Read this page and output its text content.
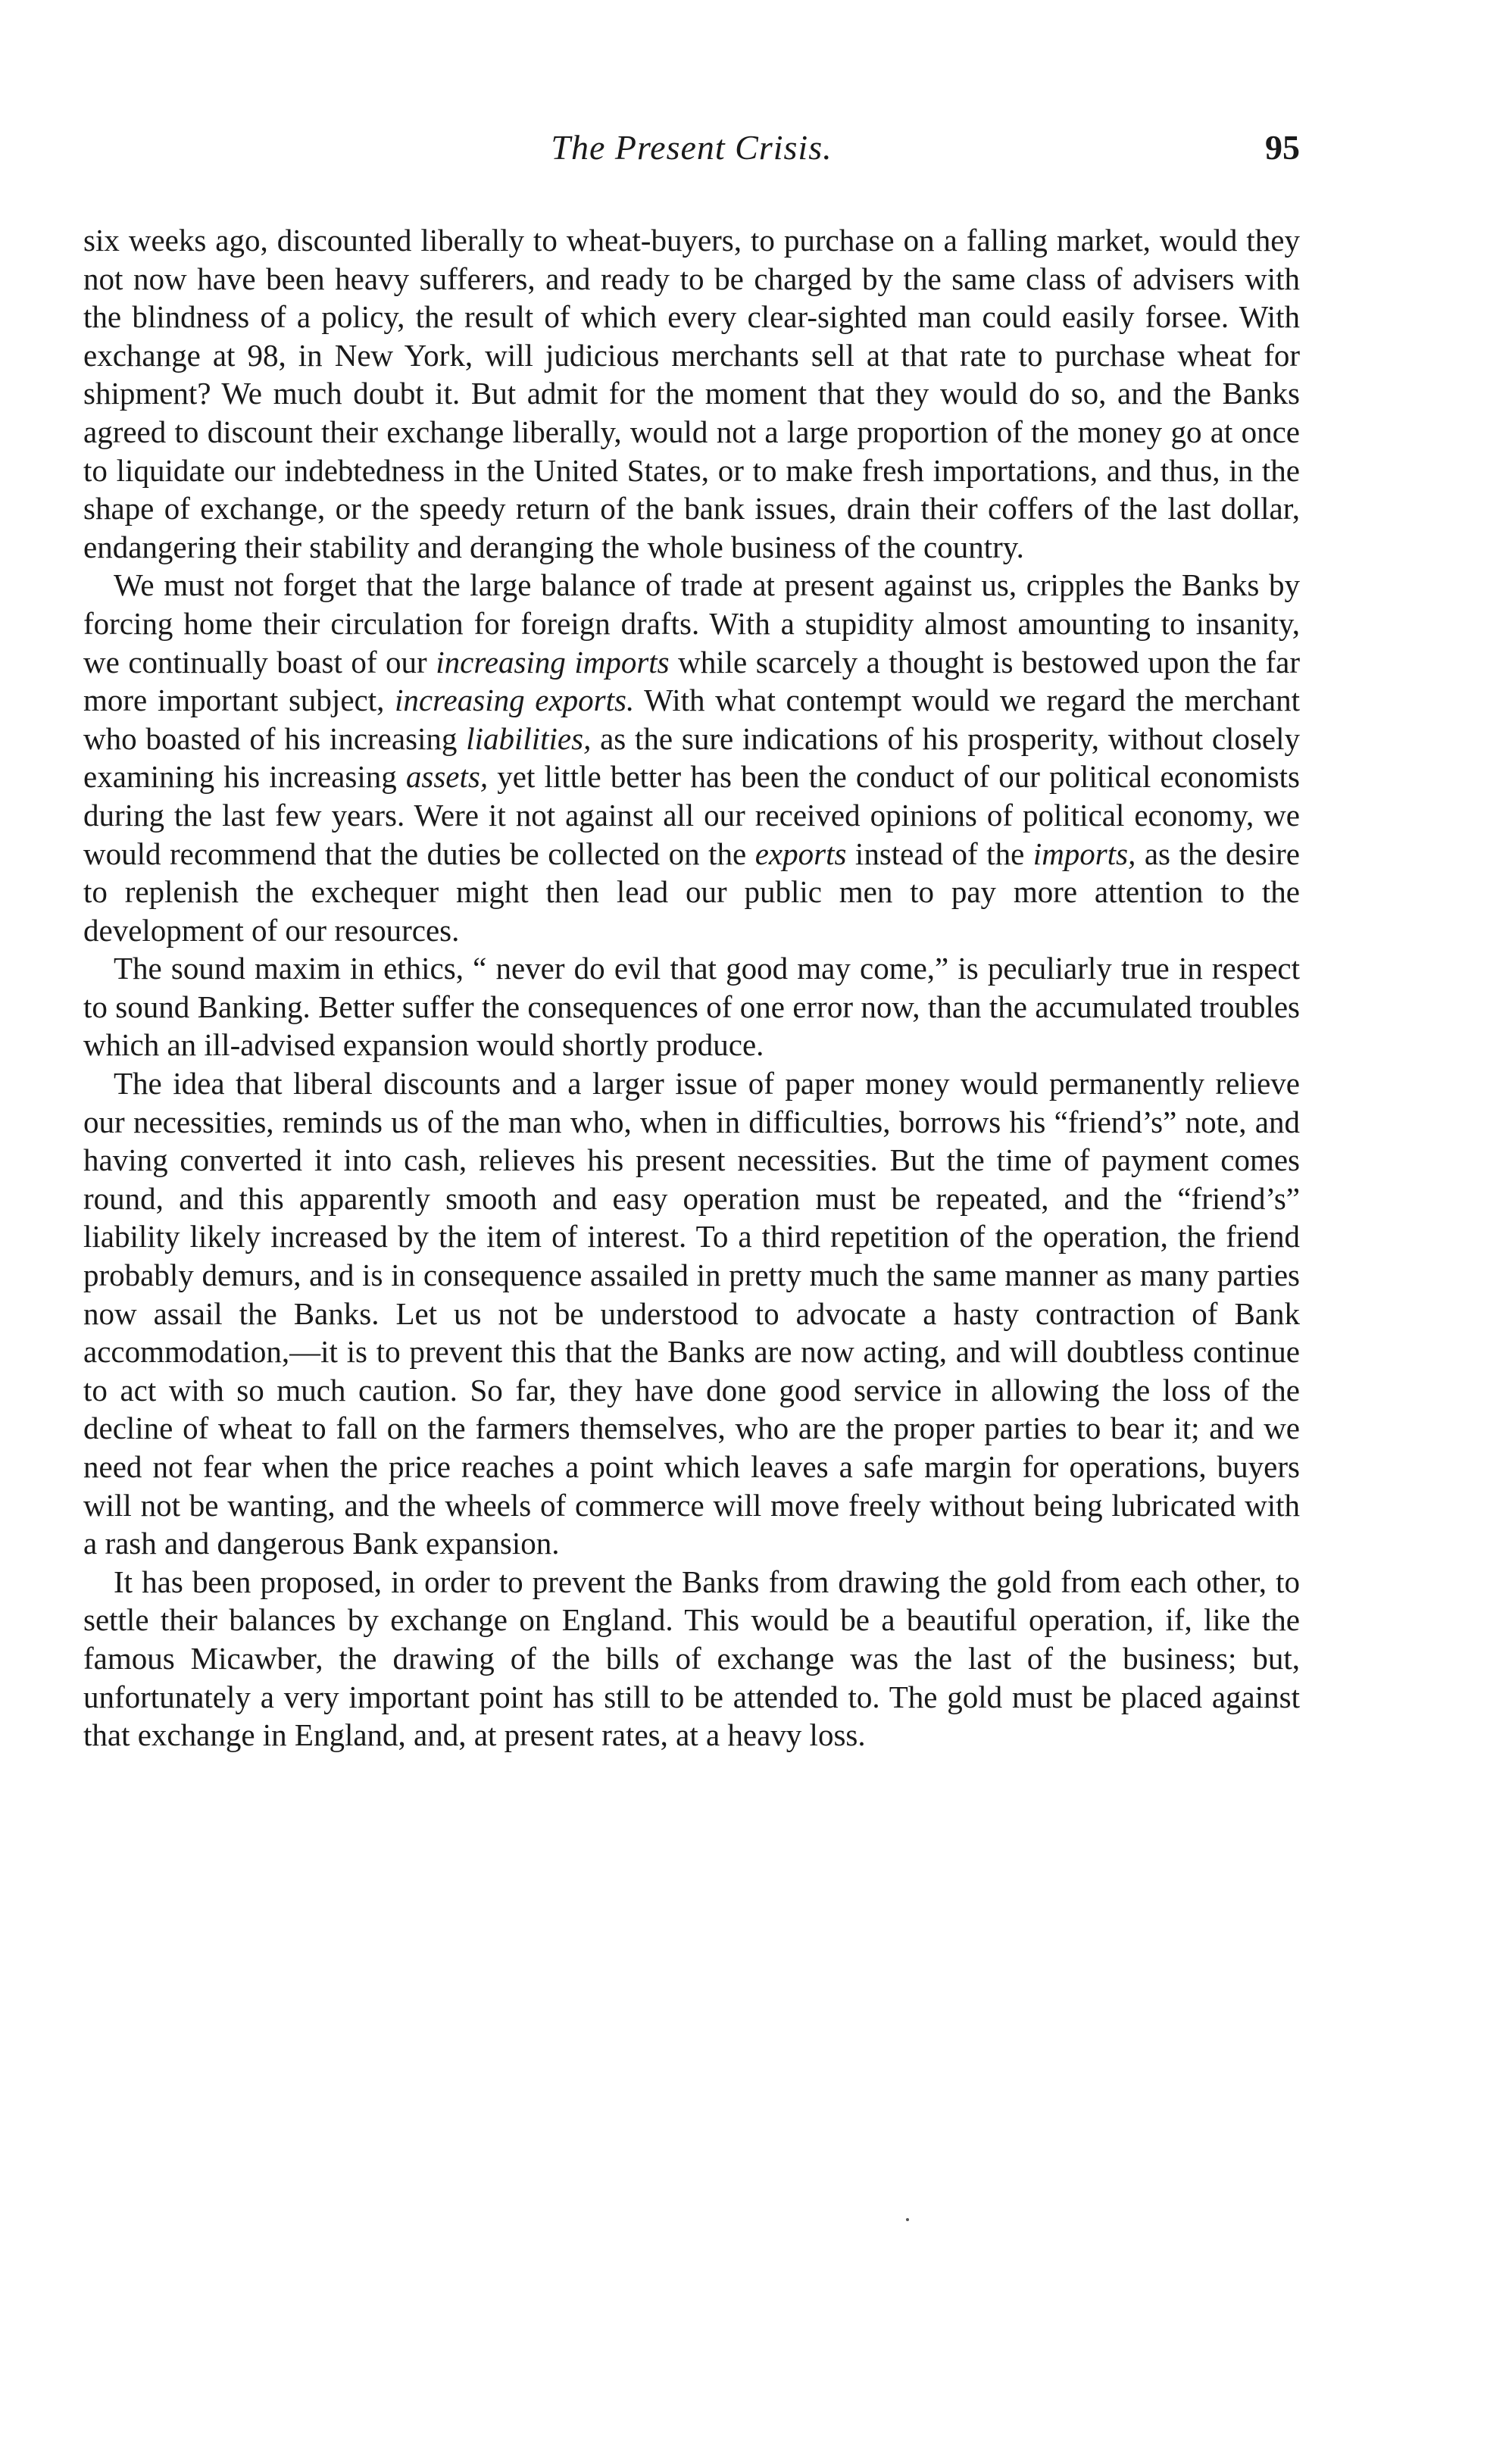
The Present Crisis.	95

six weeks ago, discounted liberally to wheat-buyers, to purchase on a falling market, would they not now have been heavy sufferers, and ready to be charged by the same class of advisers with the blindness of a policy, the result of which every clear-sighted man could easily forsee. With exchange at 98, in New York, will judicious merchants sell at that rate to purchase wheat for shipment? We much doubt it. But admit for the moment that they would do so, and the Banks agreed to discount their exchange liberally, would not a large proportion of the money go at once to liquidate our indebtedness in the United States, or to make fresh importations, and thus, in the shape of exchange, or the speedy return of the bank issues, drain their coffers of the last dollar, endangering their stability and deranging the whole business of the country.

We must not forget that the large balance of trade at present against us, cripples the Banks by forcing home their circulation for foreign drafts. With a stupidity almost amounting to insanity, we continually boast of our increasing imports while scarcely a thought is bestowed upon the far more important subject, increasing exports. With what contempt would we regard the merchant who boasted of his increasing liabilities, as the sure indications of his prosperity, without closely examining his increasing assets, yet little better has been the conduct of our political economists during the last few years. Were it not against all our received opinions of political economy, we would recommend that the duties be collected on the exports instead of the imports, as the desire to replenish the exchequer might then lead our public men to pay more attention to the development of our resources.

The sound maxim in ethics, “ never do evil that good may come,” is peculiarly true in respect to sound Banking. Better suffer the consequences of one error now, than the accumulated troubles which an ill-advised expansion would shortly produce.

The idea that liberal discounts and a larger issue of paper money would permanently relieve our necessities, reminds us of the man who, when in difficulties, borrows his “friend’s” note, and having converted it into cash, relieves his present necessities. But the time of payment comes round, and this apparently smooth and easy operation must be repeated, and the “friend’s” liability likely increased by the item of interest. To a third repetition of the operation, the friend probably demurs, and is in consequence assailed in pretty much the same manner as many parties now assail the Banks. Let us not be understood to advocate a hasty contraction of Bank accommodation,—it is to prevent this that the Banks are now acting, and will doubtless continue to act with so much caution. So far, they have done good service in allowing the loss of the decline of wheat to fall on the farmers themselves, who are the proper parties to bear it; and we need not fear when the price reaches a point which leaves a safe margin for operations, buyers will not be wanting, and the wheels of commerce will move freely without being lubricated with a rash and dangerous Bank expansion.

It has been proposed, in order to prevent the Banks from drawing the gold from each other, to settle their balances by exchange on England. This would be a beautiful operation, if, like the famous Micawber, the drawing of the bills of exchange was the last of the business; but, unfortunately a very important point has still to be attended to. The gold must be placed against that exchange in England, and, at present rates, at a heavy loss.
